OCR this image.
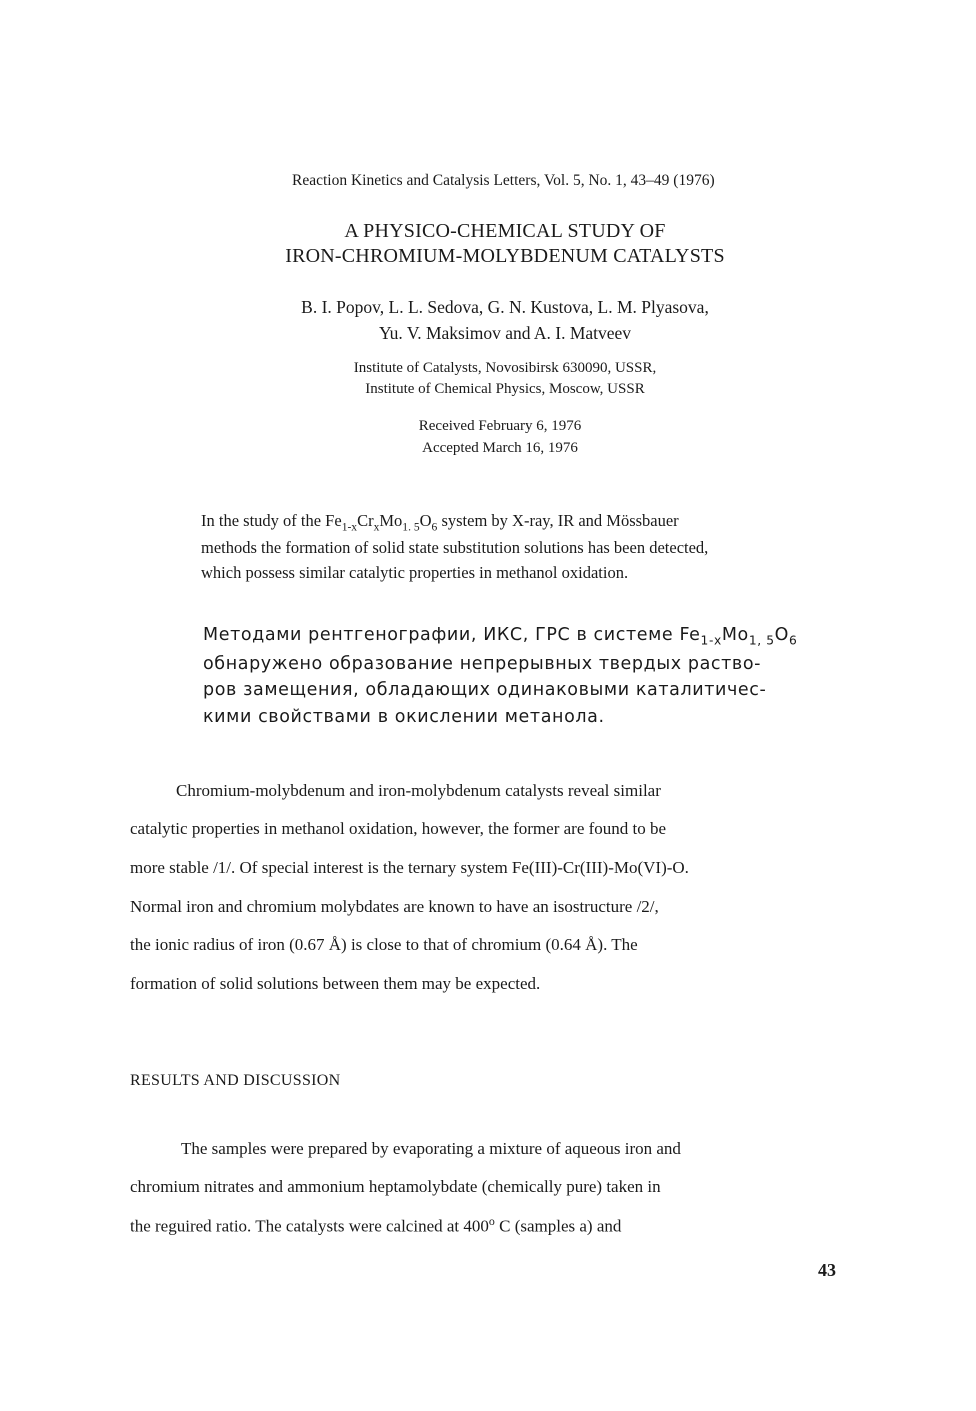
Reaction Kinetics and Catalysis Letters, Vol. 5, No. 1, 43–49 (1976)
A PHYSICO-CHEMICAL STUDY OF
IRON-CHROMIUM-MOLYBDENUM CATALYSTS
B. I. Popov, L. L. Sedova, G. N. Kustova, L. M. Plyasova,
Yu. V. Maksimov and A. I. Matveev
Institute of Catalysts, Novosibirsk 630090, USSR,
Institute of Chemical Physics, Moscow, USSR
Received February 6, 1976
Accepted March 16, 1976
In the study of the $Fe_{1-x}Cr_xMo_{1. 5}O_6$ system by X-ray, IR and Mössbauer
methods the formation of solid state substitution solutions has been detected,
which possess similar catalytic properties in methanol oxidation.
Методами рентгенографии, ИКС, ГРС в системе $Fe_{1-x}Mo_{1, 5}O_6$
обнаружено образование непрерывных твердых раство-
ров замещения, обладающих одинаковыми каталитичес-
кими свойствами в окислении метанола.
Chromium-molybdenum and iron-molybdenum catalysts reveal similar
catalytic properties in methanol oxidation, however, the former are found to be
more stable /1/. Of special interest is the ternary system Fe(III)-Cr(III)-Mo(VI)-O.
Normal iron and chromium molybdates are known to have an isostructure /2/,
the ionic radius of iron (0.67 Å) is close to that of chromium (0.64 Å). The
formation of solid solutions between them may be expected.
RESULTS AND DISCUSSION
The samples were prepared by evaporating a mixture of aqueous iron and
chromium nitrates and ammonium heptamolybdate (chemically pure) taken in
the reguired ratio. The catalysts were calcined at 400$^o$ C (samples a) and
43
